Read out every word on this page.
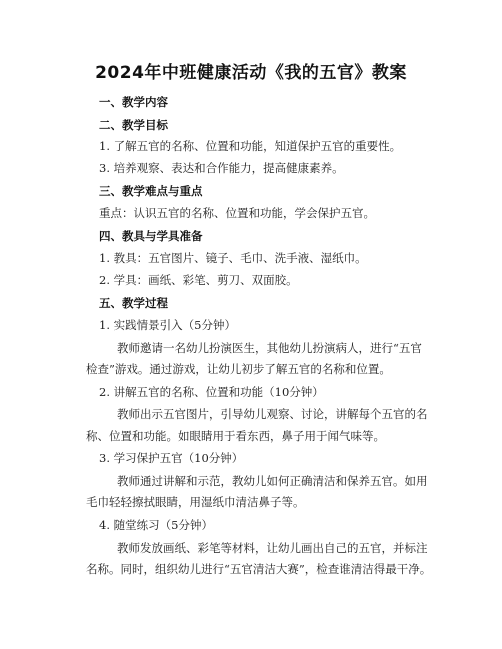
2024年中班健康活动《我的五官》教案
一、教学内容
二、教学目标
1. 了解五官的名称、位置和功能，知道保护五官的重要性。
3. 培养观察、表达和合作能力，提高健康素养。
三、教学难点与重点
重点：认识五官的名称、位置和功能，学会保护五官。
四、教具与学具准备
1. 教具：五官图片、镜子、毛巾、洗手液、湿纸巾。
2. 学具：画纸、彩笔、剪刀、双面胶。
五、教学过程
1. 实践情景引入（5分钟）
教师邀请一名幼儿扮演医生，其他幼儿扮演病人，进行“五官
检查”游戏。通过游戏，让幼儿初步了解五官的名称和位置。
2. 讲解五官的名称、位置和功能（10分钟）
教师出示五官图片，引导幼儿观察、讨论，讲解每个五官的名
称、位置和功能。如眼睛用于看东西，鼻子用于闻气味等。
3. 学习保护五官（10分钟）
教师通过讲解和示范，教幼儿如何正确清洁和保养五官。如用
毛巾轻轻擦拭眼睛，用湿纸巾清洁鼻子等。
4. 随堂练习（5分钟）
教师发放画纸、彩笔等材料，让幼儿画出自己的五官，并标注
名称。同时，组织幼儿进行“五官清洁大赛”，检查谁清洁得最干净。
